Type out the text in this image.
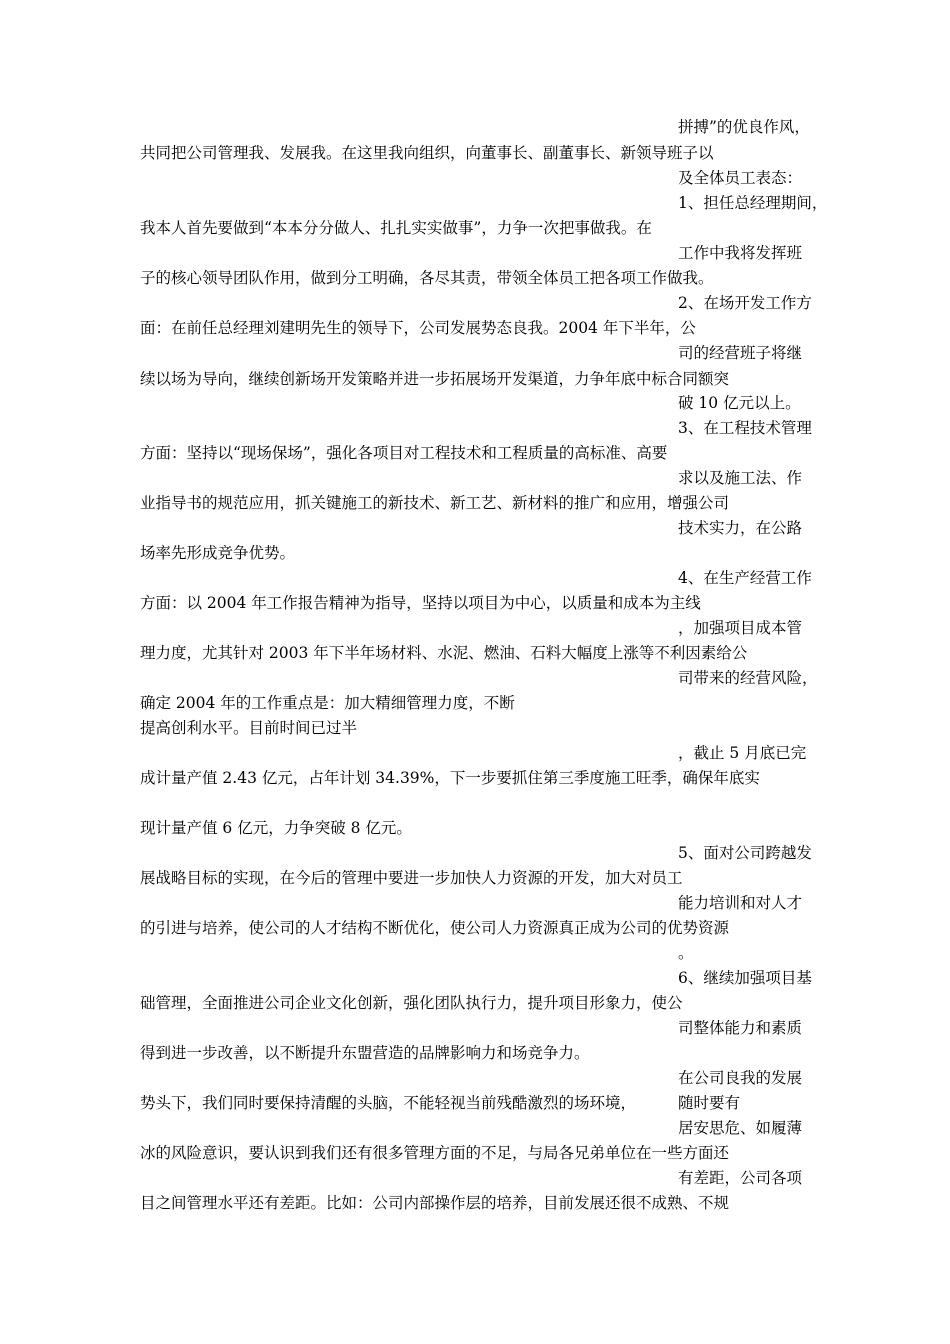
拼搏”的优良作风，
共同把公司管理我、发展我。在这里我向组织，向董事长、副董事长、新领导班子以
及全体员工表态：
1、担任总经理期间，
我本人首先要做到“本本分分做人、扎扎实实做事”，力争一次把事做我。在
工作中我将发挥班
子的核心领导团队作用，做到分工明确，各尽其责，带领全体员工把各项工作做我。
2、在场开发工作方
面：在前任总经理刘建明先生的领导下，公司发展势态良我。2004 年下半年，公
司的经营班子将继
续以场为导向，继续创新场开发策略并进一步拓展场开发渠道，力争年底中标合同额突
破 10 亿元以上。
3、在工程技术管理
方面：坚持以“现场保场”，强化各项目对工程技术和工程质量的高标准、高要
求以及施工法、作
业指导书的规范应用，抓关键施工的新技术、新工艺、新材料的推广和应用，增强公司
技术实力，在公路
场率先形成竞争优势。
4、在生产经营工作
方面：以 2004 年工作报告精神为指导，坚持以项目为中心，以质量和成本为主线
，加强项目成本管
理力度，尤其针对 2003 年下半年场材料、水泥、燃油、石料大幅度上涨等不利因素给公
司带来的经营风险，
确定 2004 年的工作重点是：加大精细管理力度，不断
提高创利水平。目前时间已过半
，截止 5 月底已完
成计量产值 2.43 亿元，占年计划 34.39%，下一步要抓住第三季度施工旺季，确保年底实
现计量产值 6 亿元，力争突破 8 亿元。
5、面对公司跨越发
展战略目标的实现，在今后的管理中要进一步加快人力资源的开发，加大对员工
能力培训和对人才
的引进与培养，使公司的人才结构不断优化，使公司人力资源真正成为公司的优势资源
。
6、继续加强项目基
础管理，全面推进公司企业文化创新，强化团队执行力，提升项目形象力，使公
司整体能力和素质
得到进一步改善，以不断提升东盟营造的品牌影响力和场竞争力。
在公司良我的发展
势头下，我们同时要保持清醒的头脑，不能轻视当前残酷激烈的场环境，	随时要有
居安思危、如履薄
冰的风险意识，要认识到我们还有很多管理方面的不足，与局各兄弟单位在一些方面还
有差距，公司各项
目之间管理水平还有差距。比如：公司内部操作层的培养，目前发展还很不成熟、不规
